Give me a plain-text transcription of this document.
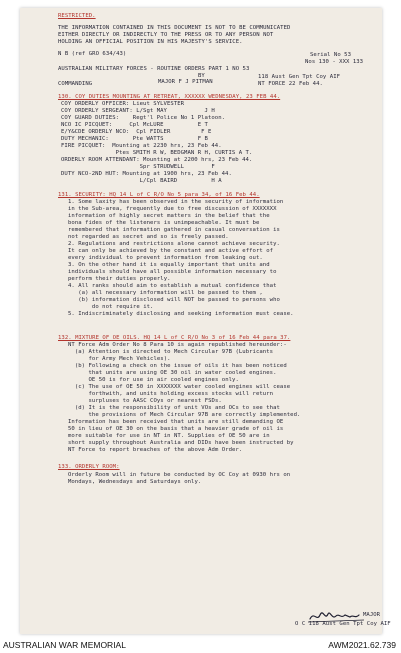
RESTRICTED.
THE INFORMATION CONTAINED IN THIS DOCUMENT IS NOT TO BE COMMUNICATED
EITHER DIRECTLY OR INDIRECTLY TO THE PRESS OR TO ANY PERSON NOT
HOLDING AN OFFICIAL POSITION IN HIS MAJESTY'S SERVICE.
N B (ref GRO 634/43)	Serial No 53
Nos 130 - XXX 133
AUSTRALIAN MILITARY FORCES - ROUTINE ORDERS PART 1 NO 53
BY
COMMANDING	MAJOR F J PITMAN
118 Aust Gen Tpt Coy AIF
NT FORCE 22 Feb 44.
130. COY DUTIES MOUNTING AT RETREAT, XXXXXX WEDNESDAY, 23 FEB 44.
COY ORDERLY OFFICER: Lieut SYLVESTER
COY ORDERLY SERGEANT: L/Sgt MAY           J H
COY GUARD DUTIES:    Regt'l Police No 1 Platoon.
NCO IC PICQUET:     Cpl McLURE          E T
E/Y&CDE ORDERLY NCO:  Cpl FIDLER         F E
DUTY MECHANIC:       Pte WATTS          F B
FIRE PICQUET:  Mounting at 2230 hrs, 23 Feb 44.
Ptes SMITH R W, BEDGMAN R H, CURTIS A T.
ORDERLY ROOM ATTENDANT: Mounting at 2200 hrs, 23 Feb 44.
Spr STRUDWELL        F
DUTY NCO-2ND HUT: Mounting at 1900 hrs, 23 Feb 44.
L/Cpl BAIRD          H A
131. SECURITY: HQ 14 L of C R/O No 5 para 34, of 16 Feb 44.
1. Some laxity has been observed in the security of information
in the Sub-area, frequently due to free discussion of XXXXXXX
information of highly secret matters in the belief that the
bona fides of the listeners is unimpeachable. It must be
remembered that information gathered in casual conversation is
not regarded as secret and so is freely passed.
2. Regulations and restrictions alone cannot achieve security.
It can only be achieved by the constant and active effort of
every individual to prevent information from leaking out.
3. On the other hand it is equally important that units and
individuals should have all possible information necessary to
perform their duties properly.
4. All ranks should aim to establish a mutual confidence that
(a) all necessary information will be passed to them ,
(b) information disclosed will NOT be passed to persons who
do not require it.
5. Indiscriminately disclosing and seeking information must cease.
132. MIXTURE OF OE OILS. HQ 14 L of C R/O No 3 of 16 Feb 44 para 37.
NT Force Adm Order No 8 Para 10 is again republished hereunder:-
(a) Attention is directed to Mech Circular 97B (Lubricants
for Army Mech Vehicles).
(b) Following a check on the issue of oils it has been noticed
that units are using OE 30 oil in water cooled engines.
OE 50 is for use in air cooled engines only.
(c) The use of OE 50 in XXXXXXX water cooled engines will cease
forthwith, and units holding excess stocks will return
surpluses to AASC COys or nearest FSDs.
(d) It is the responsibility of unit VOs and OCs to see that
the provisions of Mech Circular 97B are correctly implemented.
Information has been received that units are still demanding OE
50 in lieu of OE 30 on the basis that a heavier grade of oil is
more suitable for use in NT in NT. Supplies of OE 50 are in
short supply throughout Australia and DIDs have been instructed by
NT Force to report breaches of the above Adm Order.
133. ORDERLY ROOM:
Orderly Room will in future be conducted by OC Coy at 0930 hrs on
Mondays, Wednesdays and Saturdays only.
MAJOR
O C 118 Aust Gen Tpt Coy AIF
AUSTRALIAN WAR MEMORIAL	AWM2021.62.739
